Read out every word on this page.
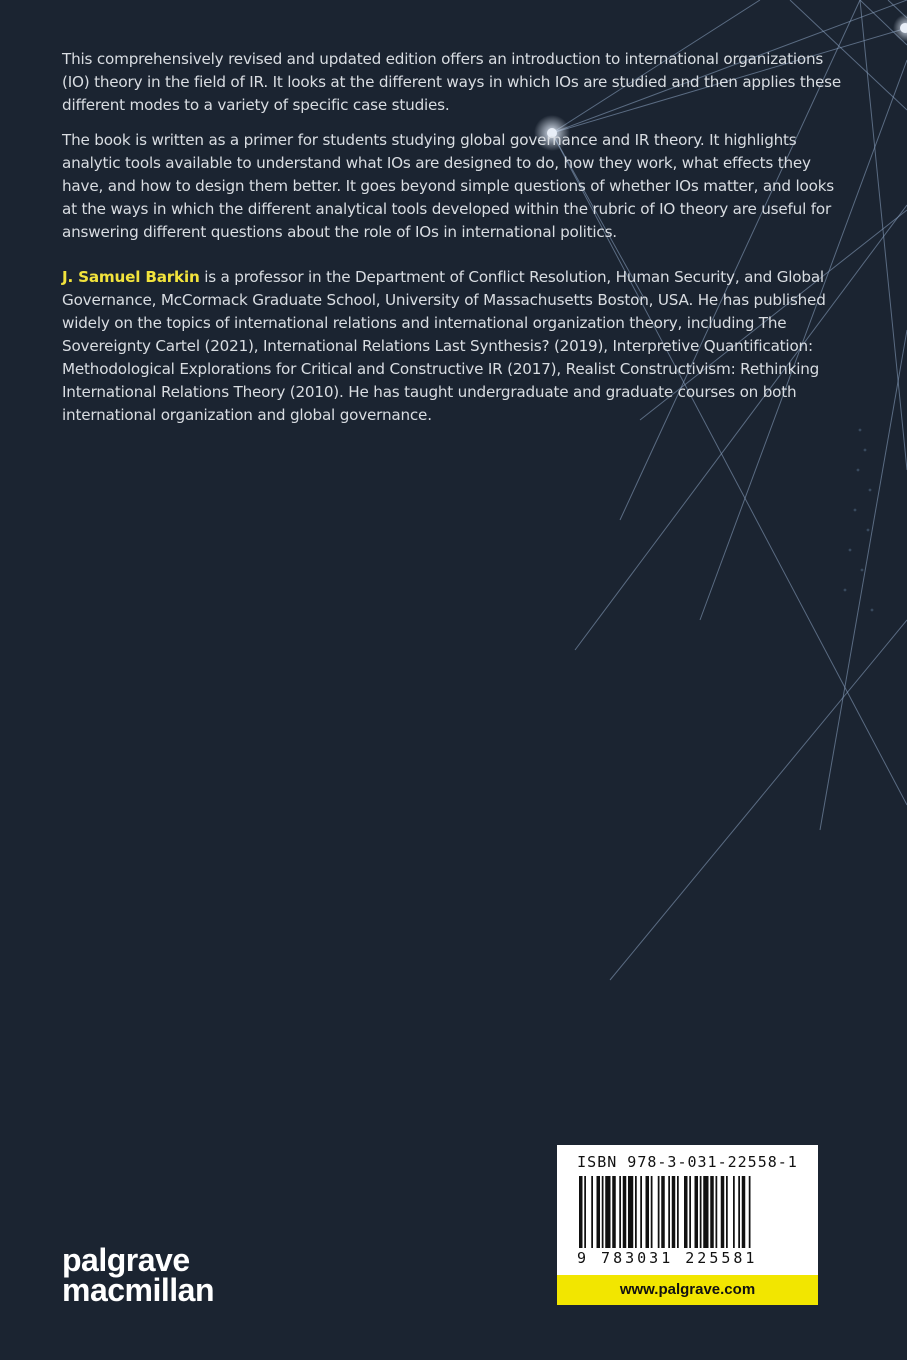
This comprehensively revised and updated edition offers an introduction to international organizations (IO) theory in the field of IR. It looks at the different ways in which IOs are studied and then applies these different modes to a variety of specific case studies.

The book is written as a primer for students studying global governance and IR theory. It highlights analytic tools available to understand what IOs are designed to do, how they work, what effects they have, and how to design them better. It goes beyond simple questions of whether IOs matter, and looks at the ways in which the different analytical tools developed within the rubric of IO theory are useful for answering different questions about the role of IOs in international politics.

J. Samuel Barkin is a professor in the Department of Conflict Resolution, Human Security, and Global Governance, McCormack Graduate School, University of Massachusetts Boston, USA. He has published widely on the topics of international relations and international organization theory, including The Sovereignty Cartel (2021), International Relations Last Synthesis? (2019), Interpretive Quantification: Methodological Explorations for Critical and Constructive IR (2017), Realist Constructivism: Rethinking International Relations Theory (2010). He has taught undergraduate and graduate courses on both international organization and global governance.

palgrave
macmillan
ISBN 978-3-031-22558-1
9 783031 225581
www.palgrave.com
